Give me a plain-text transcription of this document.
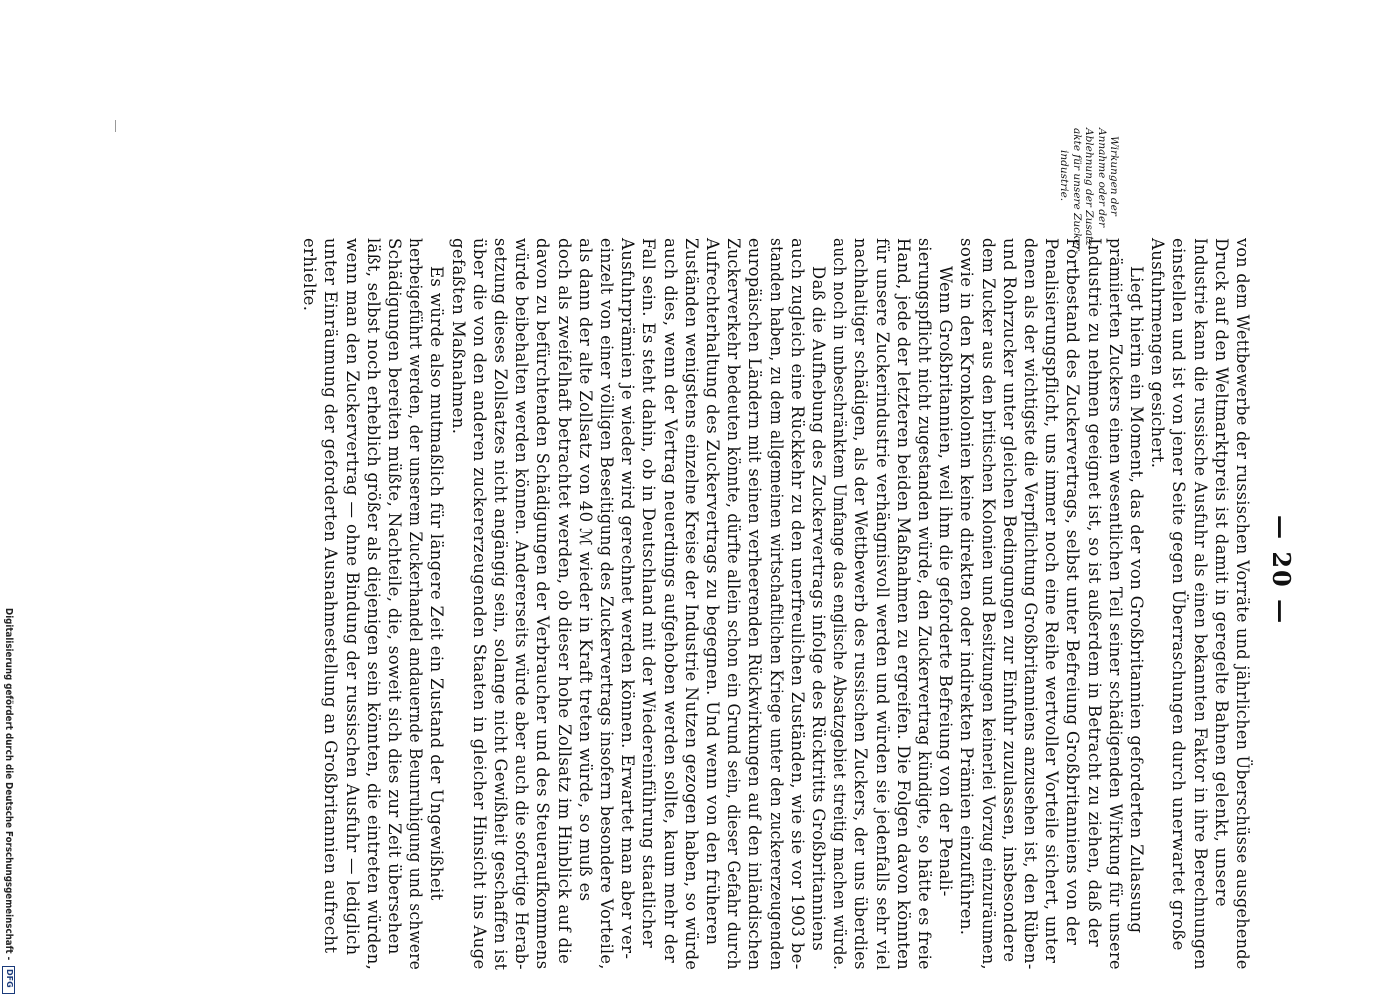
— 20 —
Wirkungen der
Annahme oder der
Ablehnung der Zusatz-
akte für unsere Zucker-
industrie.
von dem Wettbewerbe der russischen Vorräte und jährlichen Überschüsse ausgehende
Druck auf den Weltmarktpreis ist damit in geregelte Bahnen gelenkt, unsere
Industrie kann die russische Ausfuhr als einen bekannten Faktor in ihre Berechnungen
einstellen und ist von jener Seite gegen Überraschungen durch unerwartet große
Ausfuhrmengen gesichert.
Liegt hierin ein Moment, das der von Großbritannien geforderten Zulassung
prämiierten Zuckers einen wesentlichen Teil seiner schädigenden Wirkung für unsere
Industrie zu nehmen geeignet ist, so ist außerdem in Betracht zu ziehen, daß der
Fortbestand des Zuckervertrags, selbst unter Befreiung Großbritanniens von der
Penalisierungspflicht, uns immer noch eine Reihe wertvoller Vorteile sichert, unter
denen als der wichtigste die Verpflichtung Großbritanniens anzusehen ist, den Rüben-
und Rohrzucker unter gleichen Bedingungen zur Einfuhr zuzulassen, insbesondere
dem Zucker aus den britischen Kolonien und Besitzungen keinerlei Vorzug einzuräumen,
sowie in den Kronkolonien keine direkten oder indirekten Prämien einzuführen.
Wenn Großbritannien, weil ihm die geforderte Befreiung von der Penali-
sierungspflicht nicht zugestanden würde, den Zuckervertrag kündigte, so hätte es freie
Hand, jede der letzteren beiden Maßnahmen zu ergreifen. Die Folgen davon könnten
für unsere Zuckerindustrie verhängnisvoll werden und würden sie jedenfalls sehr viel
nachhaltiger schädigen, als der Wettbewerb des russischen Zuckers, der uns überdies
auch noch in unbeschränktem Umfange das englische Absatzgebiet streitig machen würde.
Daß die Aufhebung des Zuckervertrags infolge des Rücktritts Großbritanniens
auch zugleich eine Rückkehr zu den unerfreulichen Zuständen, wie sie vor 1903 be-
standen haben, zu dem allgemeinen wirtschaftlichen Kriege unter den zuckererzeugenden
europäischen Ländern mit seinen verheerenden Rückwirkungen auf den inländischen
Zuckerverkehr bedeuten könnte, dürfte allein schon ein Grund sein, dieser Gefahr durch
Aufrechterhaltung des Zuckervertrags zu begegnen. Und wenn von den früheren
Zuständen wenigstens einzelne Kreise der Industrie Nutzen gezogen haben, so würde
auch dies, wenn der Vertrag neuerdings aufgehoben werden sollte, kaum mehr der
Fall sein. Es steht dahin, ob in Deutschland mit der Wiedereinführung staatlicher
Ausfuhrprämien je wieder wird gerechnet werden können. Erwartet man aber ver-
einzelt von einer völligen Beseitigung des Zuckervertrags insofern besondere Vorteile,
als dann der alte Zollsatz von 40 ℳ wieder in Kraft treten würde, so muß es
doch als zweifelhaft betrachtet werden, ob dieser hohe Zollsatz im Hinblick auf die
davon zu befürchtenden Schädigungen der Verbraucher und des Steueraufkommens
würde beibehalten werden können. Andererseits würde aber auch die sofortige Herab-
setzung dieses Zollsatzes nicht angängig sein, solange nicht Gewißheit geschaffen ist
über die von den anderen zuckererzeugenden Staaten in gleicher Hinsicht ins Auge
gefaßten Maßnahmen.
Es würde also mutmaßlich für längere Zeit ein Zustand der Ungewißheit
herbeigeführt werden, der unserem Zuckerhandel andauernde Beunruhigung und schwere
Schädigungen bereiten müßte, Nachteile, die, soweit sich dies zur Zeit übersehen
läßt, selbst noch erheblich größer als diejenigen sein könnten, die eintreten würden,
wenn man den Zuckervertrag — ohne Bindung der russischen Ausfuhr — lediglich
unter Einräumung der geforderten Ausnahmestellung an Großbritannien aufrecht
erhielte.
Digitalisierung gefördert durch die Deutsche Forschungsgemeinschaft -
DFG
